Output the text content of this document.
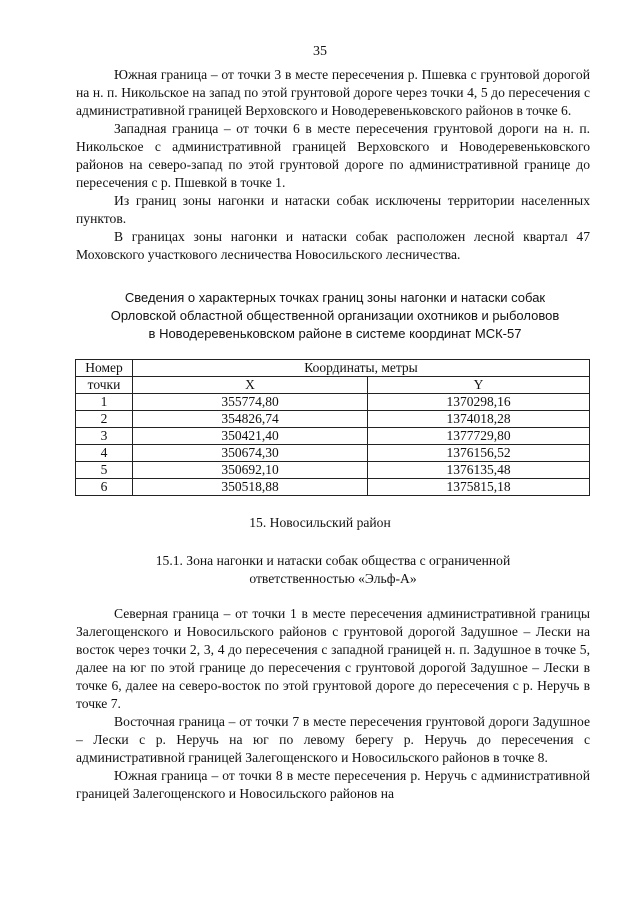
35

Южная граница – от точки 3 в месте пересечения р. Пшевка с грунтовой дорогой на н. п. Никольское на запад по этой грунтовой дороге через точки 4, 5 до пересечения с административной границей Верховского и Новодеревеньковского районов в точке 6.

Западная граница – от точки 6 в месте пересечения грунтовой дороги на н. п. Никольское с административной границей Верховского и Новодеревеньковского районов на северо-запад по этой грунтовой дороге по административной границе до пересечения с р. Пшевкой в точке 1.

Из границ зоны нагонки и натаски собак исключены территории населенных пунктов.

В границах зоны нагонки и натаски собак расположен лесной квартал 47 Моховского участкового лесничества Новосильского лесничества.

Сведения о характерных точках границ зоны нагонки и натаски собак
Орловской областной общественной организации охотников и рыболовов
в Новодеревеньковском районе в системе координат МСК-57
Номер	Координаты, метры	
точки	X	Y
1	355774,80	1370298,16
2	354826,74	1374018,28
3	350421,40	1377729,80
4	350674,30	1376156,52
5	350692,10	1376135,48
6	350518,88	1375815,18
15. Новосильский район
15.1. Зона нагонки и натаски собак общества с ограниченной
ответственностью «Эльф-А»

Северная граница – от точки 1 в месте пересечения административной границы Залегощенского и Новосильского районов с грунтовой дорогой Задушное – Лески на восток через точки 2, 3, 4 до пересечения с западной границей н. п. Задушное в точке 5, далее на юг по этой границе до пересечения с грунтовой дорогой Задушное – Лески в точке 6, далее на северо-восток по этой грунтовой дороге до пересечения с р. Неручь в точке 7.

Восточная граница – от точки 7 в месте пересечения грунтовой дороги Задушное – Лески с р. Неручь на юг по левому берегу р. Неручь до пересечения с административной границей Залегощенского и Новосильского районов в точке 8.

Южная граница – от точки 8 в месте пересечения р. Неручь с административной границей Залегощенского и Новосильского районов на
